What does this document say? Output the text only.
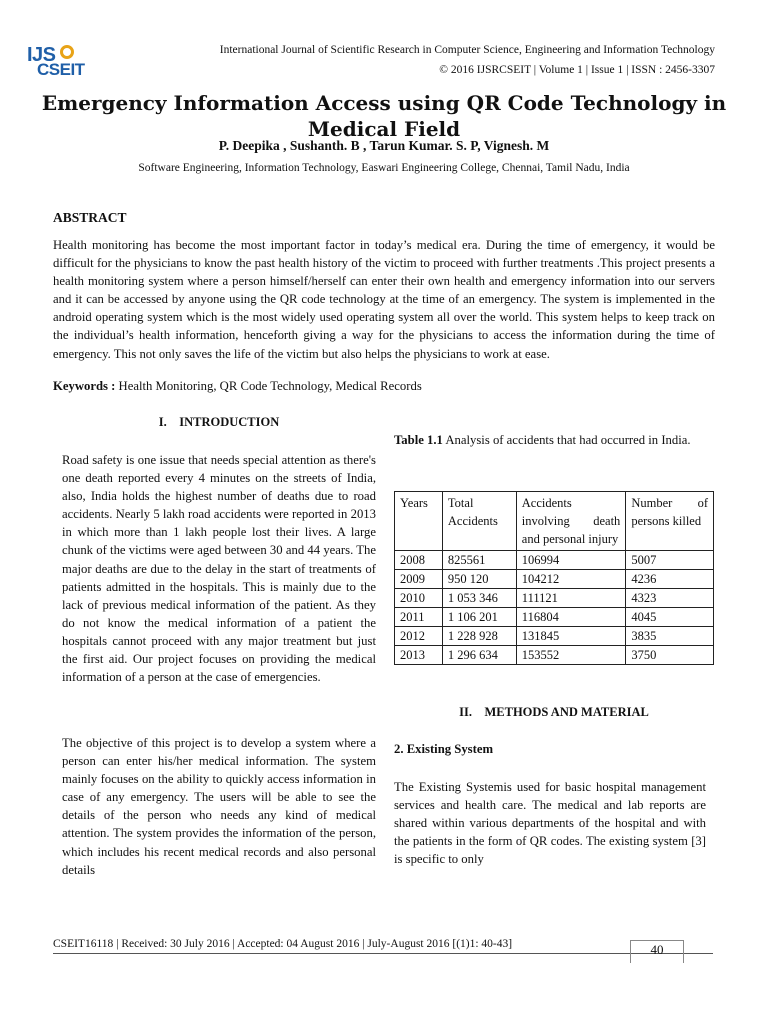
IJS
CSEIT
International Journal of Scientific Research in Computer Science, Engineering and Information Technology
© 2016 IJSRCSEIT | Volume 1 | Issue 1 | ISSN : 2456-3307
Emergency Information Access using QR Code Technology in Medical Field
P. Deepika , Sushanth. B , Tarun Kumar. S. P, Vignesh. M
Software Engineering, Information Technology, Easwari Engineering College, Chennai, Tamil Nadu, India
ABSTRACT
Health monitoring has become the most important factor in today’s medical era. During the time of emergency, it would be difficult for the physicians to know the past health history of the victim to proceed with further treatments .This project presents a health monitoring system where a person himself/herself can enter their own health and emergency information into our servers and it can be accessed by anyone using the QR code technology at the time of an emergency. The system is implemented in the android operating system which is the most widely used operating system all over the world. This system helps to keep track on the individual’s health information, henceforth giving a way for the physicians to access the information during the time of emergency. This not only saves the life of the victim but also helps the physicians to work at ease.
Keywords : Health Monitoring, QR Code Technology, Medical Records
I.    INTRODUCTION
Road safety is one issue that needs special attention as there's one death reported every 4 minutes on the streets of India, also, India holds the highest number of deaths due to road accidents. Nearly 5 lakh road accidents were reported in 2013 in which more than 1 lakh people lost their lives. A large chunk of the victims were aged between 30 and 44 years. The major deaths are due to the delay in the start of treatments of patients admitted in the hospitals. This is mainly due to the lack of previous medical information of the patient. As they do not know the medical information of a patient the hospitals cannot proceed with any major treatment but just the first aid. Our project focuses on providing the medical information of a person at the case of emergencies.
The objective of this project is to develop a system where a person can enter his/her medical information. The system mainly focuses on the ability to quickly access information in case of any emergency. The users will be able to see the details of the person who needs any kind of medical attention. The system provides the information of the person, which includes his recent medical records and also personal details
Table 1.1 Analysis of accidents that had occurred in India.
Years	Total Accidents	Accidents involving death and personal injury	Number of persons killed
2008	825561	106994	5007
2009	950 120	104212	4236
2010	1 053 346	111121	4323
2011	1 106 201	116804	4045
2012	1 228 928	131845	3835
2013	1 296 634	153552	3750
II.    METHODS AND MATERIAL
2. Existing System
The Existing Systemis used for basic hospital management services and health care. The medical and lab reports are shared within various departments of the hospital and with the patients in the form of QR codes. The existing system [3] is specific to only
CSEIT16118 | Received: 30 July 2016 | Accepted: 04 August 2016 | July-August 2016 [(1)1: 40-43]	40
